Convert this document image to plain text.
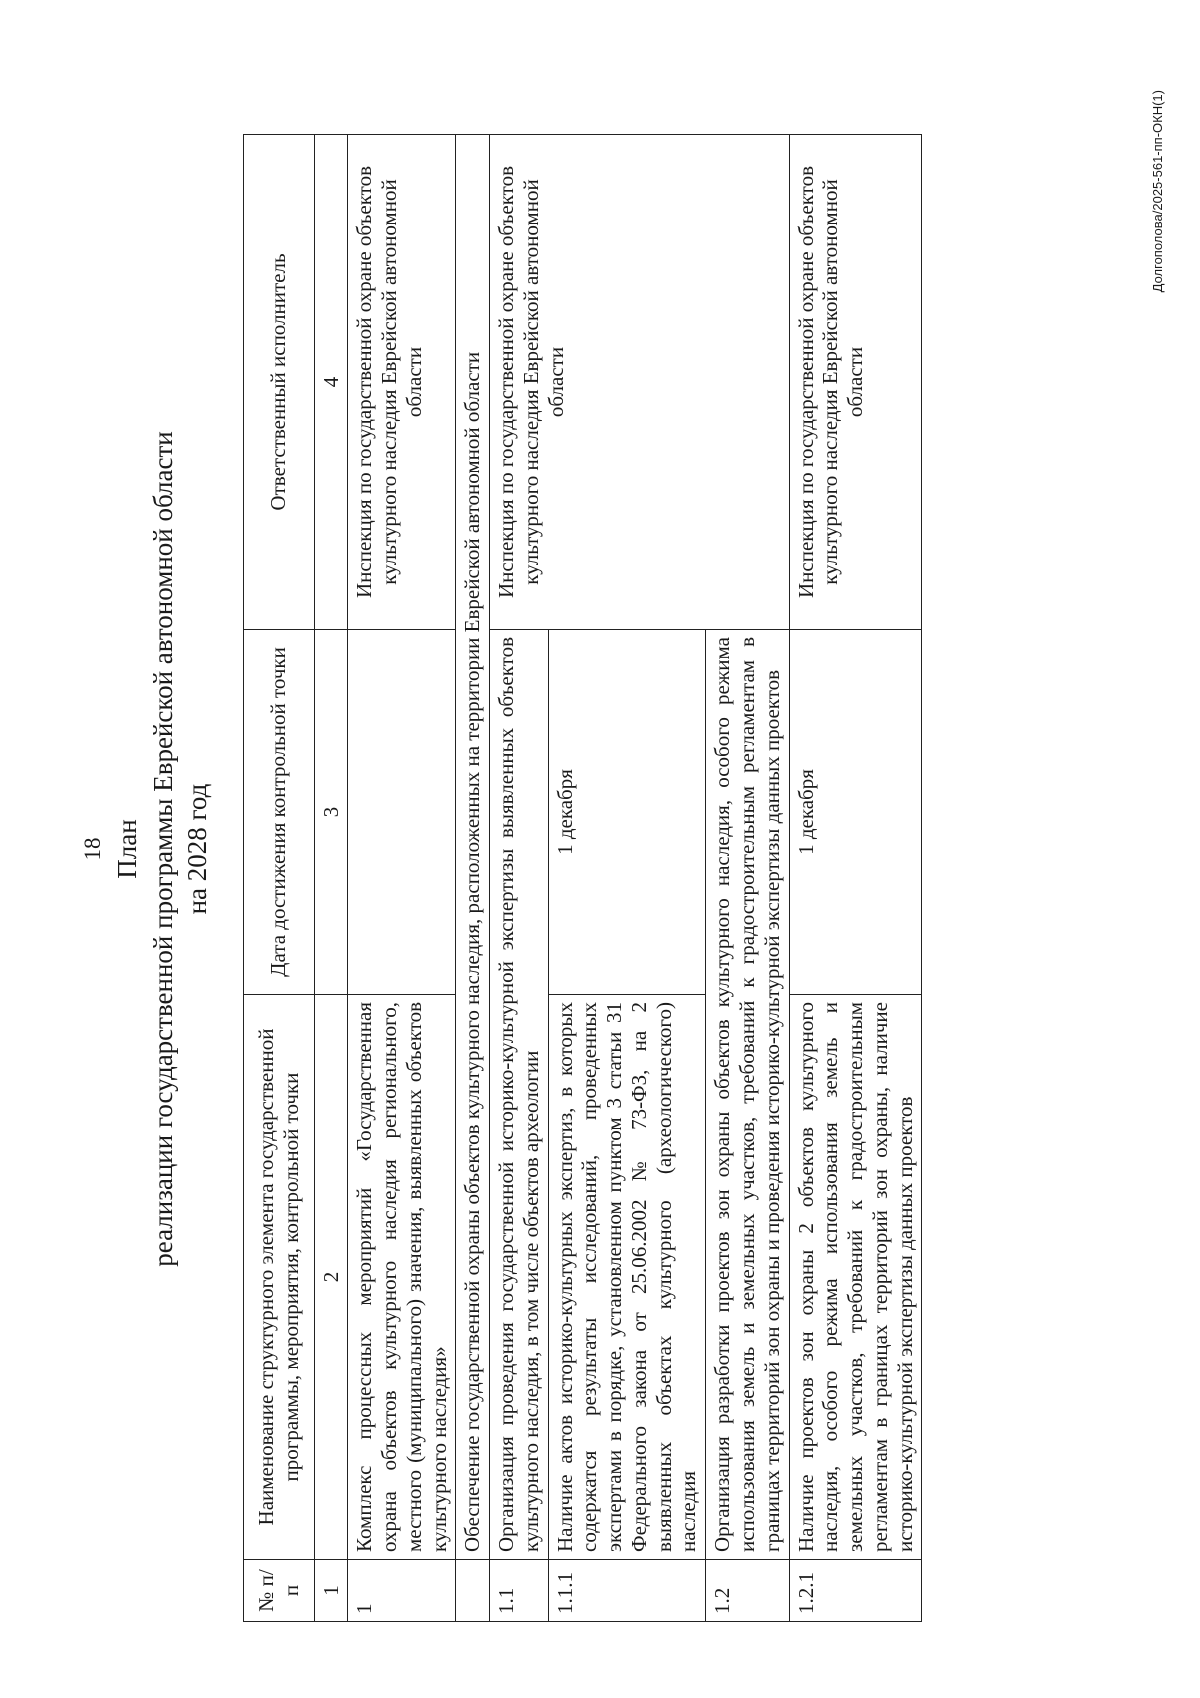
18 План реализации государственной программы Еврейской автономной области на 2028 год
№ п/п	Наименование структурного элемента государственной программы, мероприятия, контрольной точки	Дата достижения контрольной точки	Ответственный исполнитель
1	2	3	4
1	Комплекс процессных мероприятий «Государственная охрана объектов культурного наследия регионального, местного (муниципального) значения, выявленных объектов культурного наследия»		Инспекция по государственной охране объектов культурного наследия Еврейской автономной области
	Обеспечение государственной охраны объектов культурного наследия, расположенных на территории Еврейской автономной области		
1.1	Организация проведения государственной историко-культурной экспертизы выявленных объектов культурного наследия, в том числе объектов археологии		Инспекция по государственной охране объектов культурного наследия Еврейской автономной области
1.1.1	Наличие актов историко-культурных экспертиз, в которых содержатся результаты исследований, проведенных экспертами в порядке, установленном пунктом 3 статьи 31 Федерального закона от 25.06.2002 № 73-ФЗ, на 2 выявленных объектах культурного (археологического) наследия	1 декабря	
1.2	Организация разработки проектов зон охраны объектов культурного наследия, особого режима использования земель и земельных участков, требований к градостроительным регламентам в границах территорий зон охраны и проведения историко-культурной экспертизы данных проектов		
1.2.1	Наличие проектов зон охраны 2 объектов культурного наследия, особого режима использования земель и земельных участков, требований к градостроительным регламентам в границах территорий зон охраны, наличие историко-культурной экспертизы данных проектов	1 декабря	Инспекция по государственной охране объектов культурного наследия Еврейской автономной области
Долгополова/2025-561-пп-ОКН(1)
